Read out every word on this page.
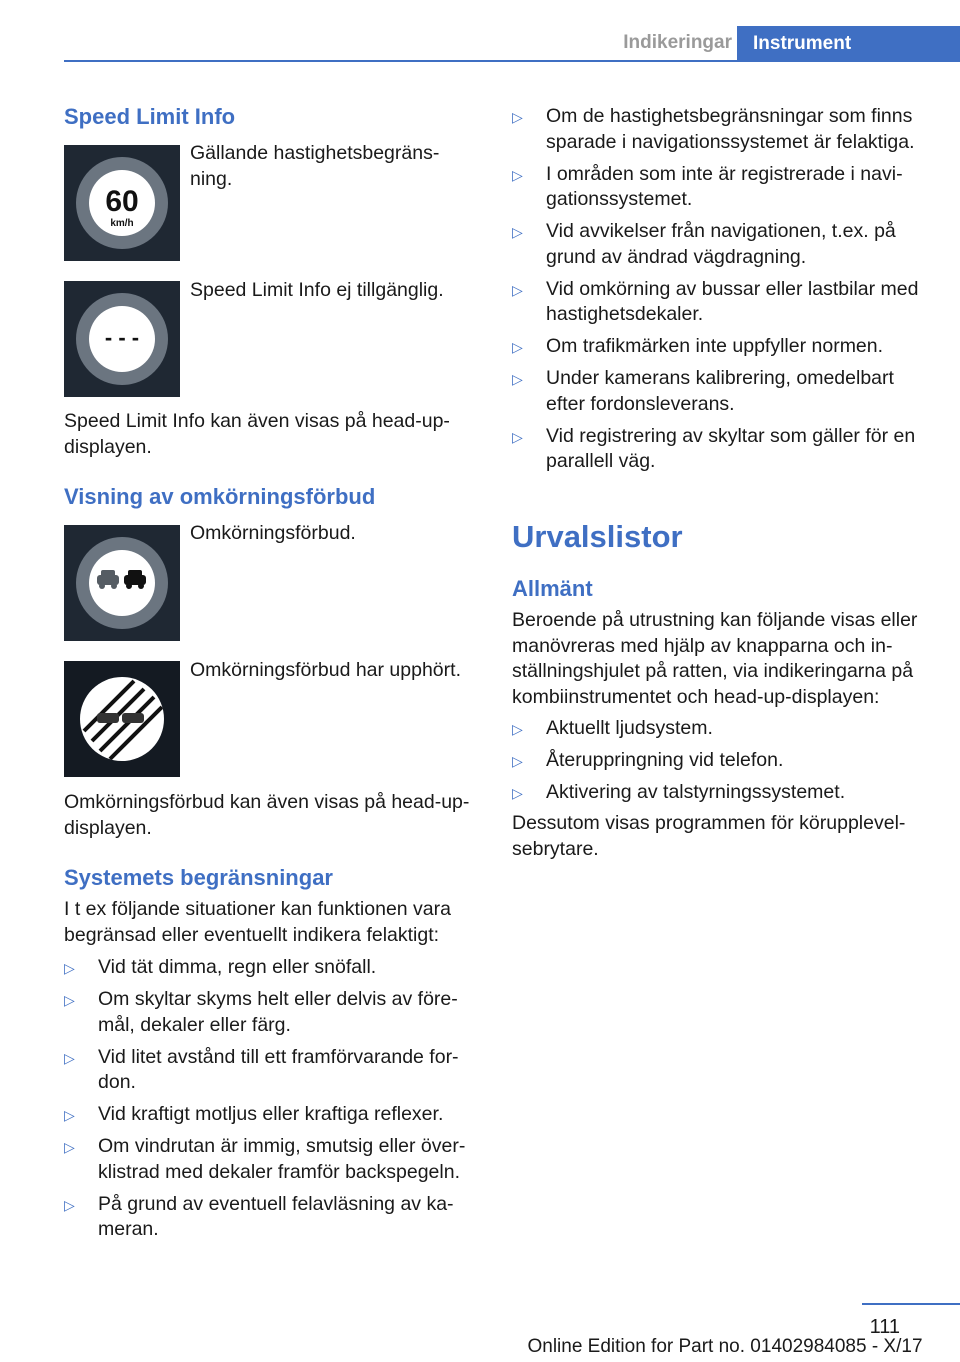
Indikeringar	Instrument
Speed Limit Info
60
km/h
Gällande hastighetsbegräns-
ning.
- - -
Speed Limit Info ej tillgänglig.

Speed Limit Info kan även visas på head-up-
displayen.

Visning av omkörningsförbud
Omkörningsförbud.
Omkörningsförbud har upphört.

Omkörningsförbud kan även visas på head-up-
displayen.

Systemets begränsningar

I t ex följande situationer kan funktionen vara
begränsad eller eventuellt indikera felaktigt:

▷ Vid tät dimma, regn eller snöfall.
▷ Om skyltar skyms helt eller delvis av före-
mål, dekaler eller färg.
▷ Vid litet avstånd till ett framförvarande for-
don.
▷ Vid kraftigt motljus eller kraftiga reflexer.
▷ Om vindrutan är immig, smutsig eller över-
klistrad med dekaler framför backspegeln.
▷ På grund av eventuell felavläsning av ka-
meran.
▷ Om de hastighetsbegränsningar som finns
sparade i navigationssystemet är felaktiga.
▷ I områden som inte är registrerade i navi-
gationssystemet.
▷ Vid avvikelser från navigationen, t.ex. på
grund av ändrad vägdragning.
▷ Vid omkörning av bussar eller lastbilar med
hastighetsdekaler.
▷ Om trafikmärken inte uppfyller normen.
▷ Under kamerans kalibrering, omedelbart
efter fordonsleverans.
▷ Vid registrering av skyltar som gäller för en
parallell väg.
Urvalslistor
Allmänt

Beroende på utrustning kan följande visas eller
manövreras med hjälp av knapparna och in-
ställningshjulet på ratten, via indikeringarna på
kombiinstrumentet och head-up-displayen:

▷ Aktuellt ljudsystem.
▷ Återuppringning vid telefon.
▷ Aktivering av talstyrningssystemet.

Dessutom visas programmen för körupplevel-
sebrytare.

111
Online Edition for Part no. 01402984085 - X/17
